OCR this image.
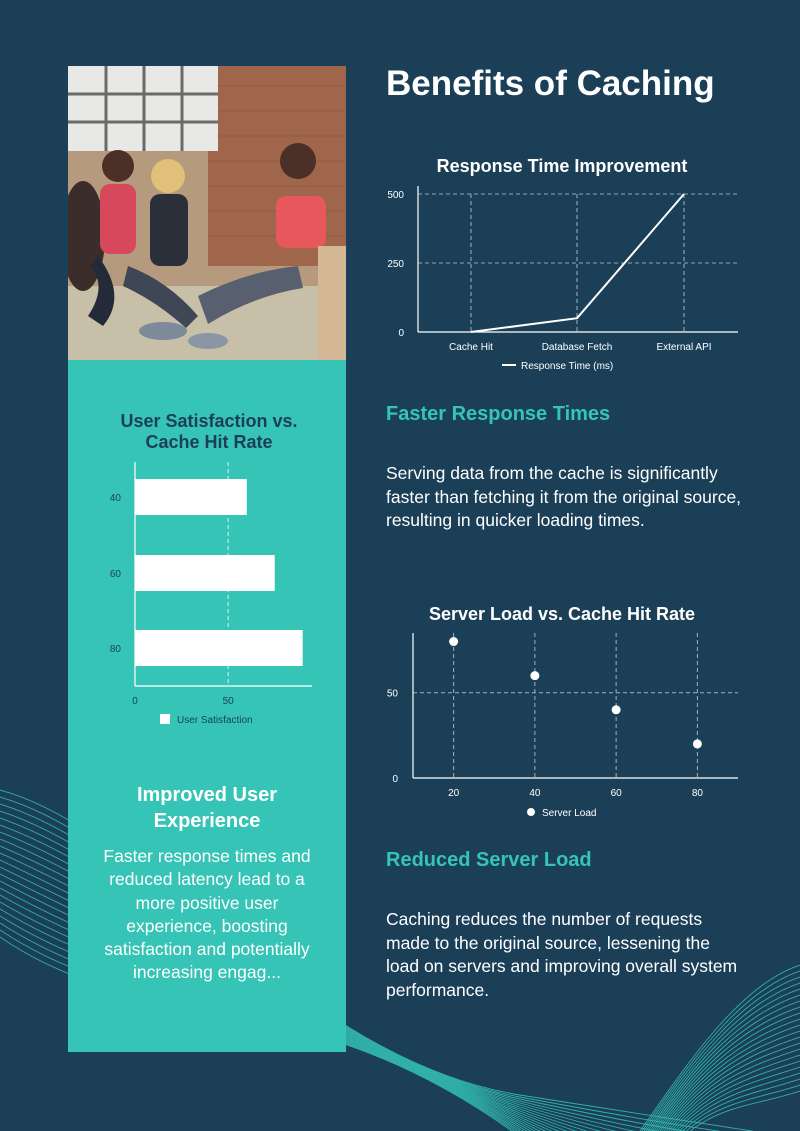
Benefits of Caching
Response Time Improvement
0
250
500
Cache Hit	Database Fetch	External API
Response Time (ms)
Faster Response Times

Serving data from the cache is significantly faster than fetching it from the original source, resulting in quicker loading times.

User Satisfaction vs. Cache Hit Rate
40
60
80
0	50
User Satisfaction
Server Load vs. Cache Hit Rate
0
50
20	40	60	80
Server Load
Reduced Server Load

Caching reduces the number of requests made to the original source, lessening the load on servers and improving overall system performance.

Improved User Experience

Faster response times and reduced latency lead to a more positive user experience, boosting satisfaction and potentially increasing engag...
